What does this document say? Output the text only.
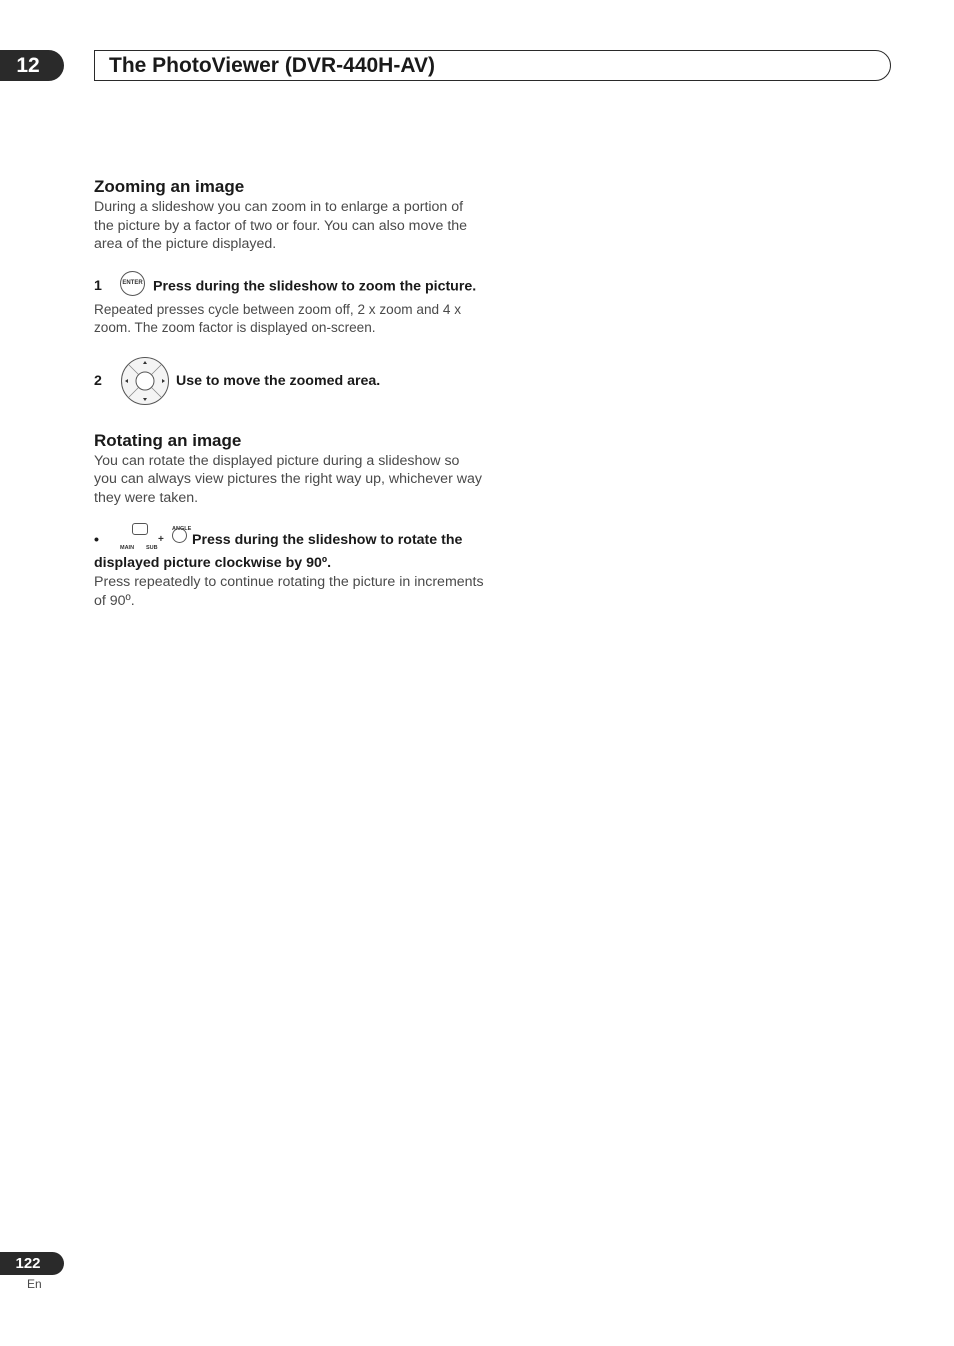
12	The PhotoViewer (DVR-440H-AV)
Zooming an image

During a slideshow you can zoom in to enlarge a portion of the picture by a factor of two or four. You can also move the area of the picture displayed.

1	ENTER Press during the slideshow to zoom the picture.

Repeated presses cycle between zoom off, 2 x zoom and 4 x zoom. The zoom factor is displayed on-screen.

2	Use to move the zoomed area.
Rotating an image

You can rotate the displayed picture during a slideshow so you can always view pictures the right way up, whichever way they were taken.

•
MAIN SUB
+
ANGLE
Press during the slideshow to rotate the displayed picture clockwise by 90º.

Press repeatedly to continue rotating the picture in increments of 90º.

122
En
